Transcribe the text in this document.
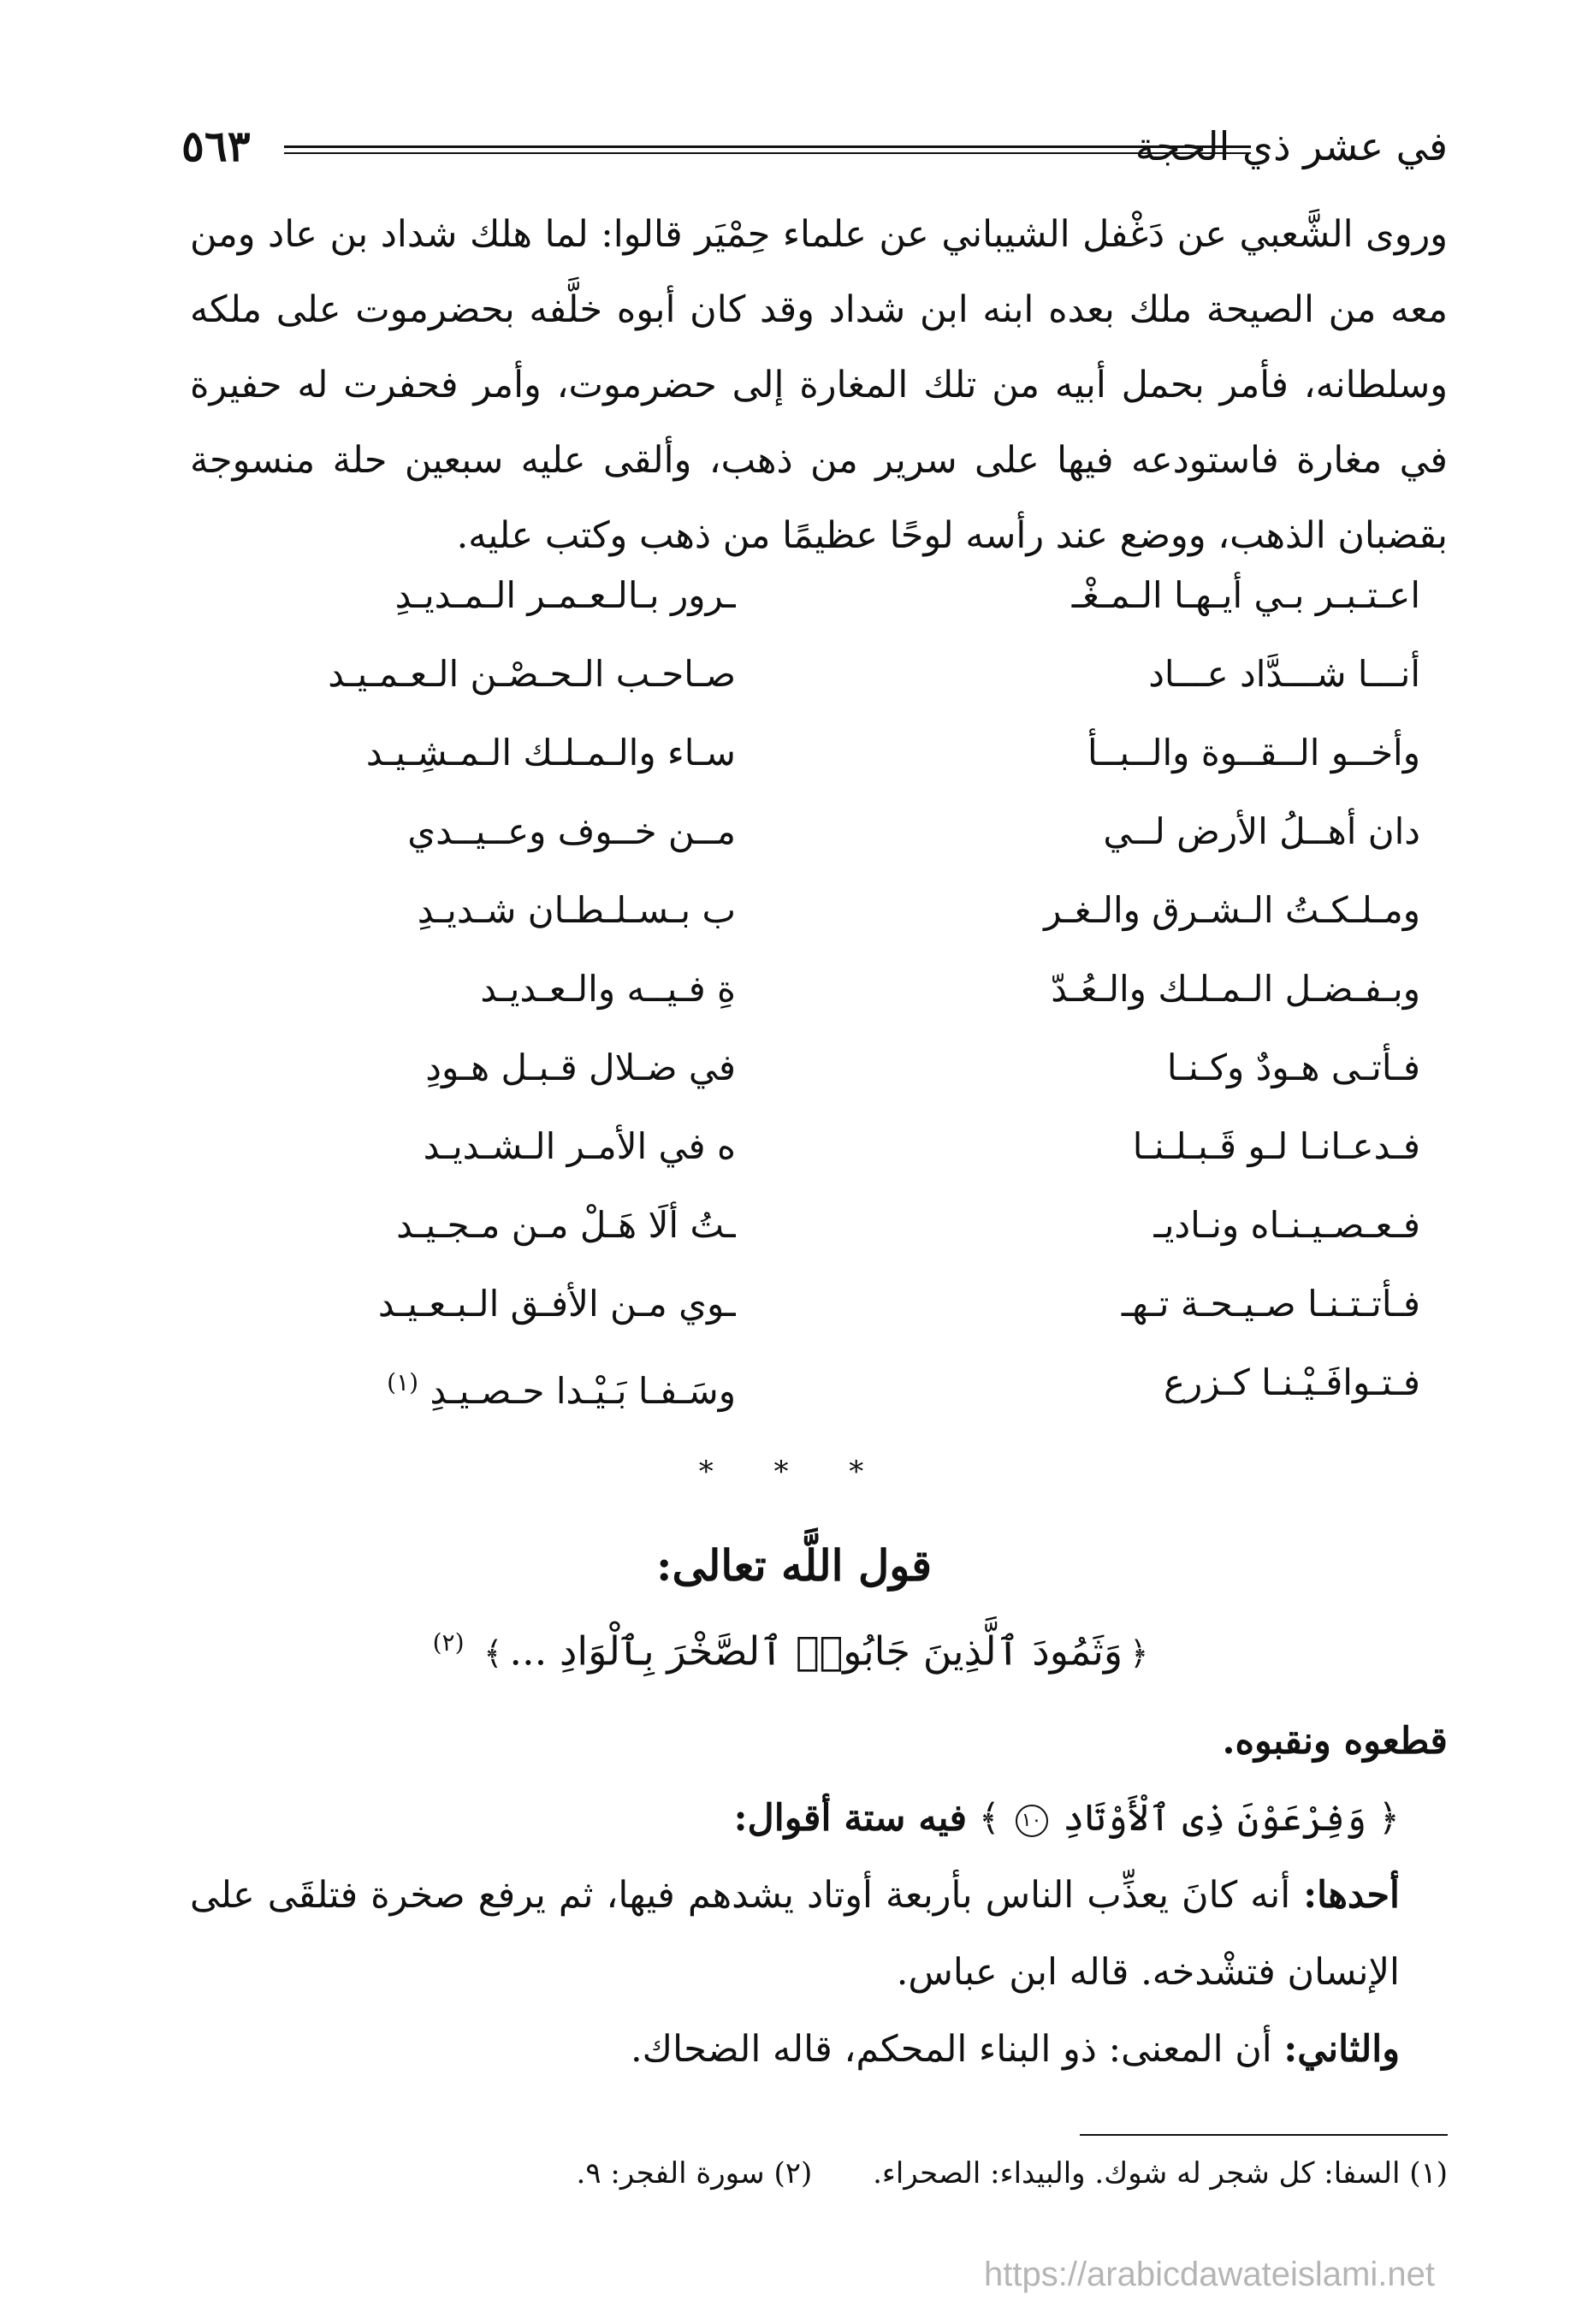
في عشر ذي الحجة
٥٦٣

وروى الشَّعبي عن دَغْفل الشيباني عن علماء حِمْيَر قالوا: لما هلك شداد بن عاد ومن معه من الصيحة ملك بعده ابنه ابن شداد وقد كان أبوه خلَّفه بحضرموت على ملكه وسلطانه، فأمر بحمل أبيه من تلك المغارة إلى حضرموت، وأمر فحفرت له حفيرة في مغارة فاستودعه فيها على سرير من ذهب، وألقى عليه سبعين حلة منسوجة بقضبان الذهب، ووضع عند رأسه لوحًا عظيمًا من ذهب وكتب عليه.

اعـتـبـر بـي أيـهـا الـمـغْـ
ـرور بـالـعـمـر الـمـديـدِ
أنـــا شـــدَّاد عـــاد
صـاحـب الـحـصْـن الـعـمـيـد
وأخــو الــقــوة والــبــأ
سـاء والـمـلـك الـمـشِـيـد
دان أهــلُ الأرض لــي
مــن خــوف وعــيــدي
ومـلـكـتُ الـشـرق والـغـر
ب بـسـلـطـان شـديـدِ
وبـفـضـل الـمـلـك والـعُـدّ
ةِ فـيــه والـعـديـد
فـأتـى هـودٌ وكـنـا
في ضـلال قـبـل هـودِ
فـدعـانـا لـو قَـبـلـنـا
ه في الأمـر الـشـديـد
فـعـصـيـنـاه ونـاديـ
ـتُ ألَا هَـلْ مـن مـجـيـد
فـأتـتـنـا صـيـحـة تـهـ
ـوي مـن الأفـق الـبـعـيـد
فـتـوافَـيْـنـا كـزرع
وسَـفـا بَـيْـدا حـصـيـدِ $^{(١)}$
* * *
قول اللَّه تعالى:
﴿وَثَمُودَ ٱلَّذِينَ جَابُوا۟ ٱلصَّخْرَ بِٱلْوَادِ ...﴾ $^{(٢)}$

قطعوه ونقبوه.

﴿ وَفِرْعَوْنَ ذِى ٱلْأَوْتَادِ ١٠ ﴾ فيه ستة أقوال:

أحدها: أنه كانَ يعذِّب الناس بأربعة أوتاد يشدهم فيها، ثم يرفع صخرة فتلقَى على الإنسان فتشْدخه. قاله ابن عباس.

والثاني: أن المعنى: ذو البناء المحكم، قاله الضحاك.

(١) السفا: كل شجر له شوك. والبيداء: الصحراء. (٢) سورة الفجر: ٩.
https://arabicdawateislami.net
